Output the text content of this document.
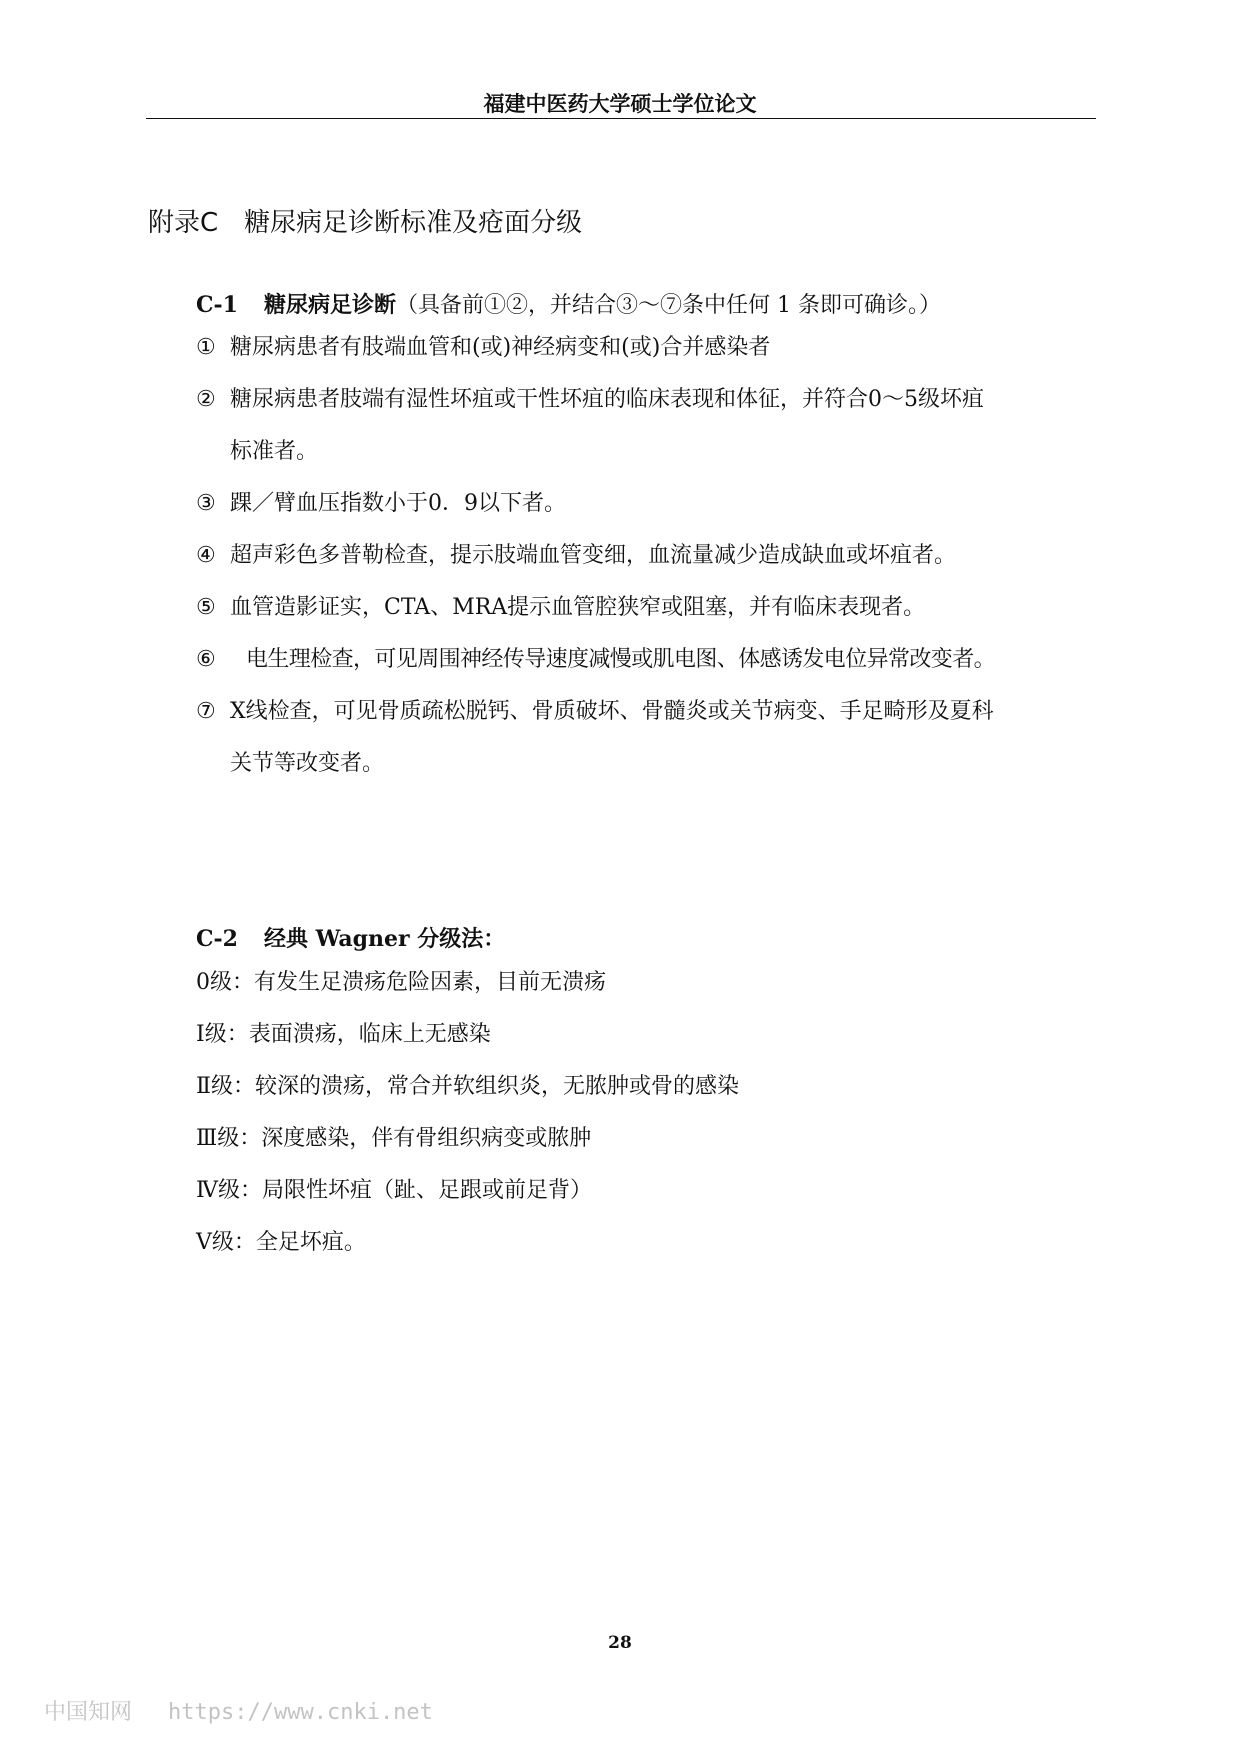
福建中医药大学硕士学位论文
附录C 糖尿病足诊断标准及疮面分级
C-1 糖尿病足诊断（具备前①②，并结合③～⑦条中任何 1 条即可确诊。）
① 糖尿病患者有肢端血管和(或)神经病变和(或)合并感染者
② 糖尿病患者肢端有湿性坏疽或干性坏疽的临床表现和体征，并符合0～5级坏疽
标准者。
③ 踝／臂血压指数小于0．9以下者。
④ 超声彩色多普勒检查，提示肢端血管变细，血流量减少造成缺血或坏疽者。
⑤ 血管造影证实，CTA、MRA提示血管腔狭窄或阻塞，并有临床表现者。
⑥ 电生理检查，可见周围神经传导速度减慢或肌电图、体感诱发电位异常改变者。
⑦ X线检查，可见骨质疏松脱钙、骨质破坏、骨髓炎或关节病变、手足畸形及夏科
关节等改变者。
C-2 经典 Wagner 分级法：
0级：有发生足溃疡危险因素，目前无溃疡
Ⅰ级：表面溃疡，临床上无感染
Ⅱ级：较深的溃疡，常合并软组织炎，无脓肿或骨的感染
Ⅲ级：深度感染，伴有骨组织病变或脓肿
Ⅳ级：局限性坏疽（趾、足跟或前足背）
Ⅴ级：全足坏疽。
28
中国知网 https://www.cnki.net
